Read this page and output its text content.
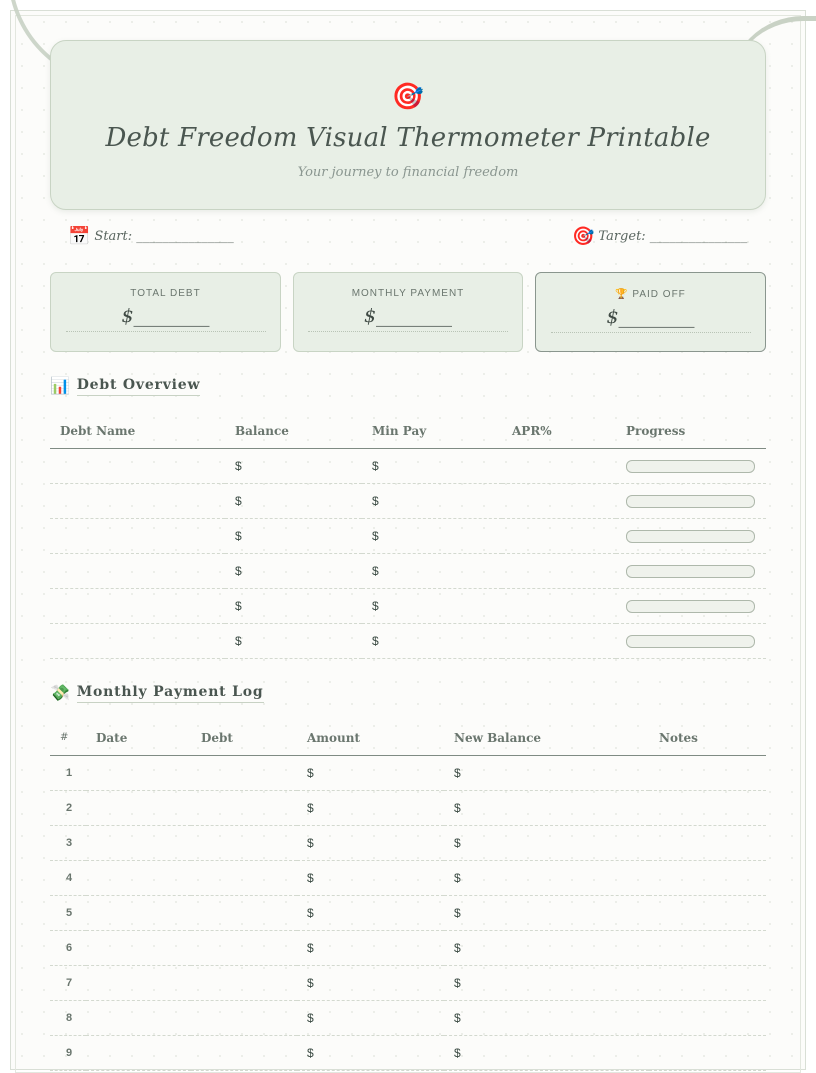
🎯
Debt Freedom Visual Thermometer Printable
Your journey to financial freedom
📅 Start: _______________	🎯 Target: _______________
TOTAL DEBT
$________
MONTHLY PAYMENT
$________
🏆 PAID OFF
$________
📊 Debt Overview
Debt Name	Balance	Min Pay	APR%	Progress
	$	$		

	$	$		

	$	$		

	$	$		

	$	$		

	$	$		
💸 Monthly Payment Log
#	Date	Debt	Amount	New Balance	Notes
1			$	$	
2			$	$	
3			$	$	
4			$	$	
5			$	$	
6			$	$	
7			$	$	
8			$	$	
9			$	$	
